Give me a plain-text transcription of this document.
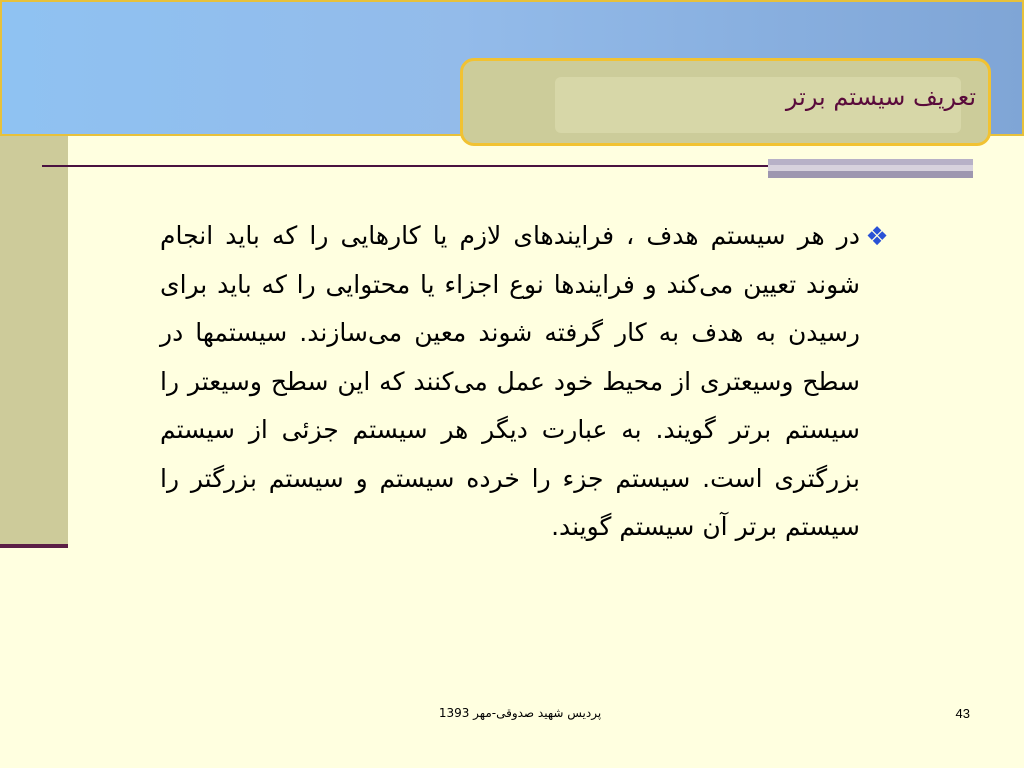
تعریف سیستم برتر
❖
در هر سیستم هدف ، فرایندهای لازم یا کارهایی را که باید انجام شوند تعیین می‌کند و فرایندها نوع اجزاء یا محتوایی را که باید برای رسیدن به هدف به کار گرفته شوند معین می‌سازند. سیستمها در سطح وسیعتری از محیط خود عمل می‌کنند که این سطح وسیعتر را سیستم برتر گویند. به عبارت دیگر هر سیستم جزئی از سیستم بزرگتری است. سیستم جزء را خرده سیستم و سیستم بزرگتر را سیستم برتر آن سیستم گویند.
پردیس شهید صدوقی-مهر 1393	43
